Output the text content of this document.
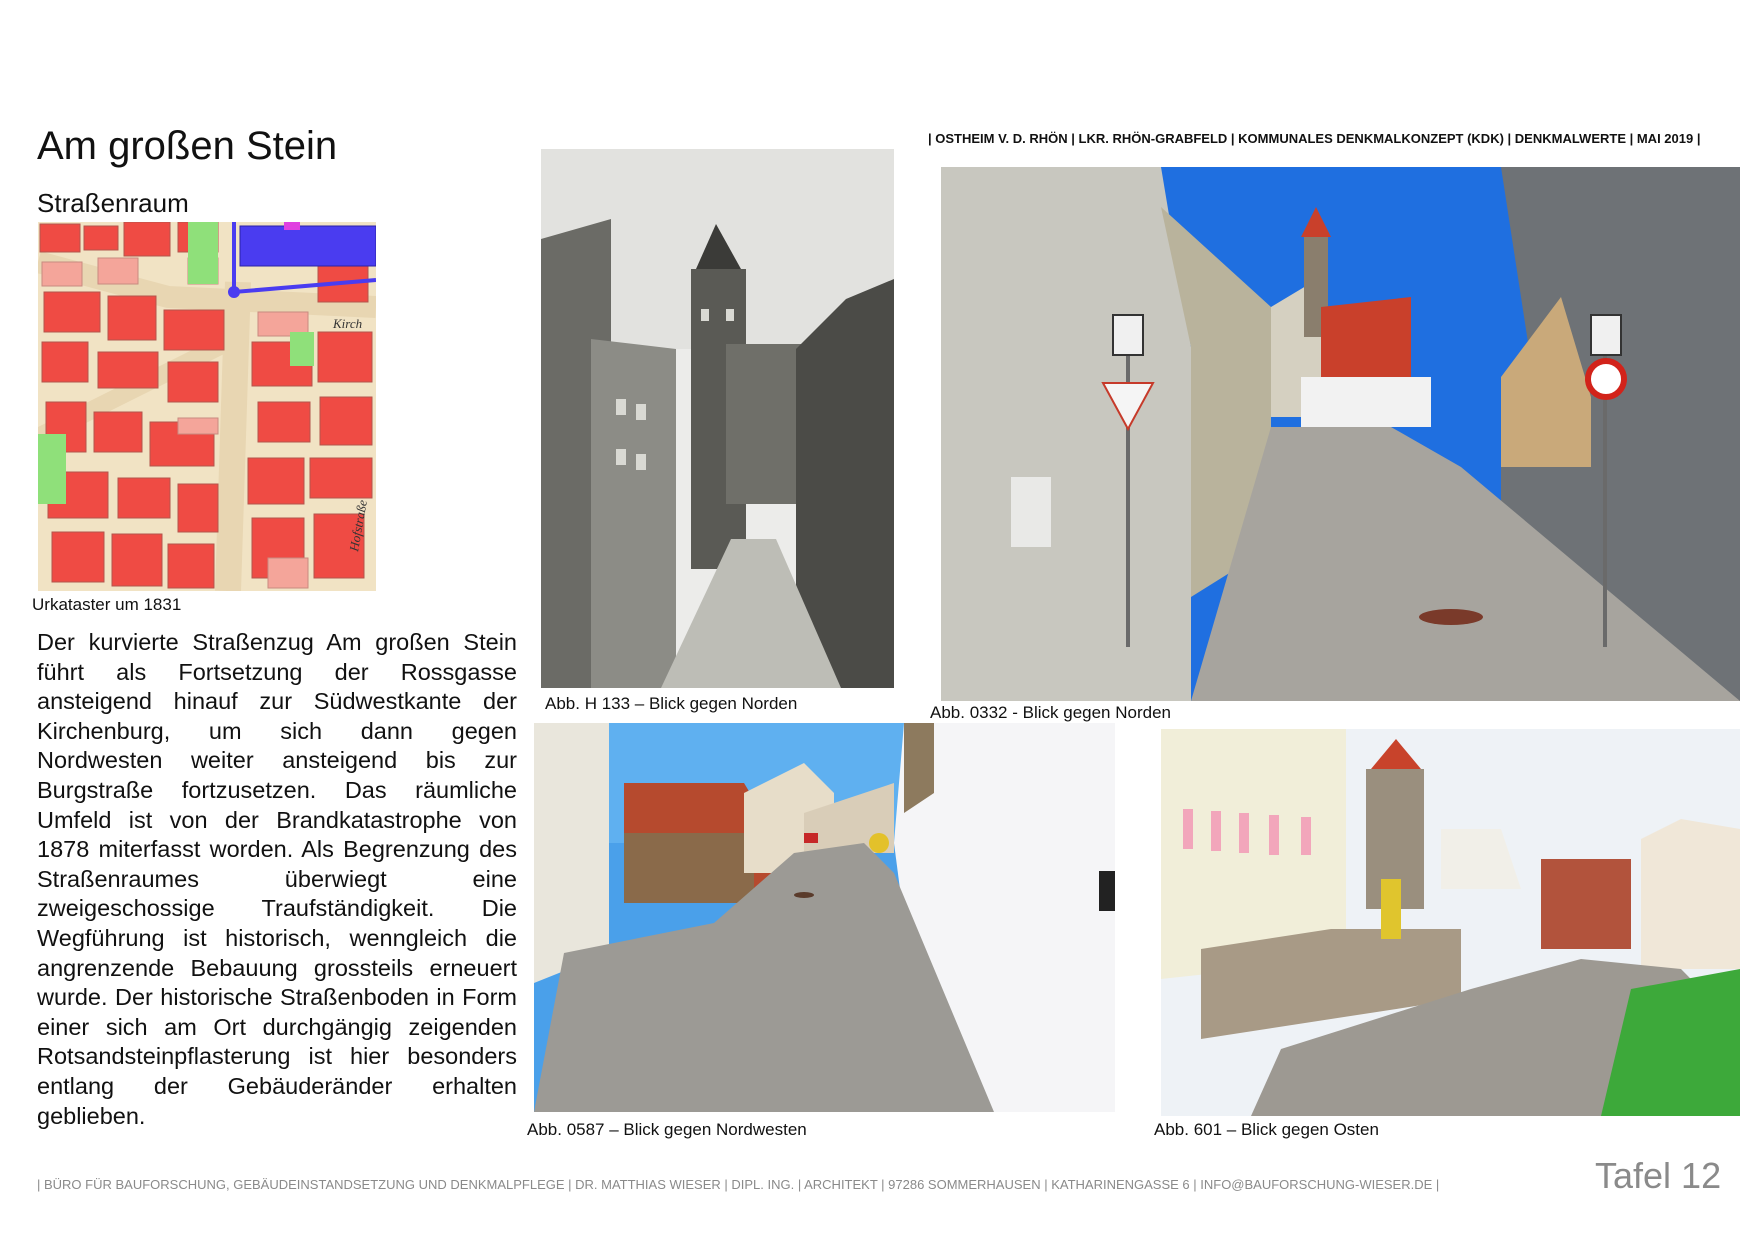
Am großen Stein
Straßenraum
| OSTHEIM V. D. RHÖN | LKR. RHÖN-GRABFELD | KOMMUNALES DENKMALKONZEPT (KDK) | DENKMALWERTE | MAI 2019 |
Kirch
Hofstraße
Urkataster um 1831
Der kurvierte Straßenzug Am großen Stein führt als Fortsetzung der Rossgasse ansteigend hinauf zur Südwestkante der Kirchenburg, um sich dann gegen Nordwesten weiter ansteigend bis zur Burgstraße fortzusetzen. Das räumliche Umfeld ist von der Brandkatastrophe von 1878 miterfasst worden. Als Begrenzung des Straßenraumes überwiegt eine zweigeschossige Traufständigkeit. Die Wegführung ist historisch, wenngleich die angrenzende Bebauung grossteils erneuert wurde. Der historische Straßenboden in Form einer sich am Ort durchgängig zeigenden Rotsandsteinpflasterung ist hier besonders entlang der Gebäuderänder erhalten geblieben.
Abb. H 133 – Blick gegen Norden	Abb. 0332 - Blick gegen Norden
Abb. 0587 – Blick gegen Nordwesten	Abb. 601 – Blick gegen Osten
| BÜRO FÜR BAUFORSCHUNG, GEBÄUDEINSTANDSETZUNG UND DENKMALPFLEGE | DR. MATTHIAS WIESER | DIPL. ING. | ARCHITEKT | 97286 SOMMERHAUSEN | KATHARINENGASSE 6 | INFO@BAUFORSCHUNG-WIESER.DE |	Tafel 12
